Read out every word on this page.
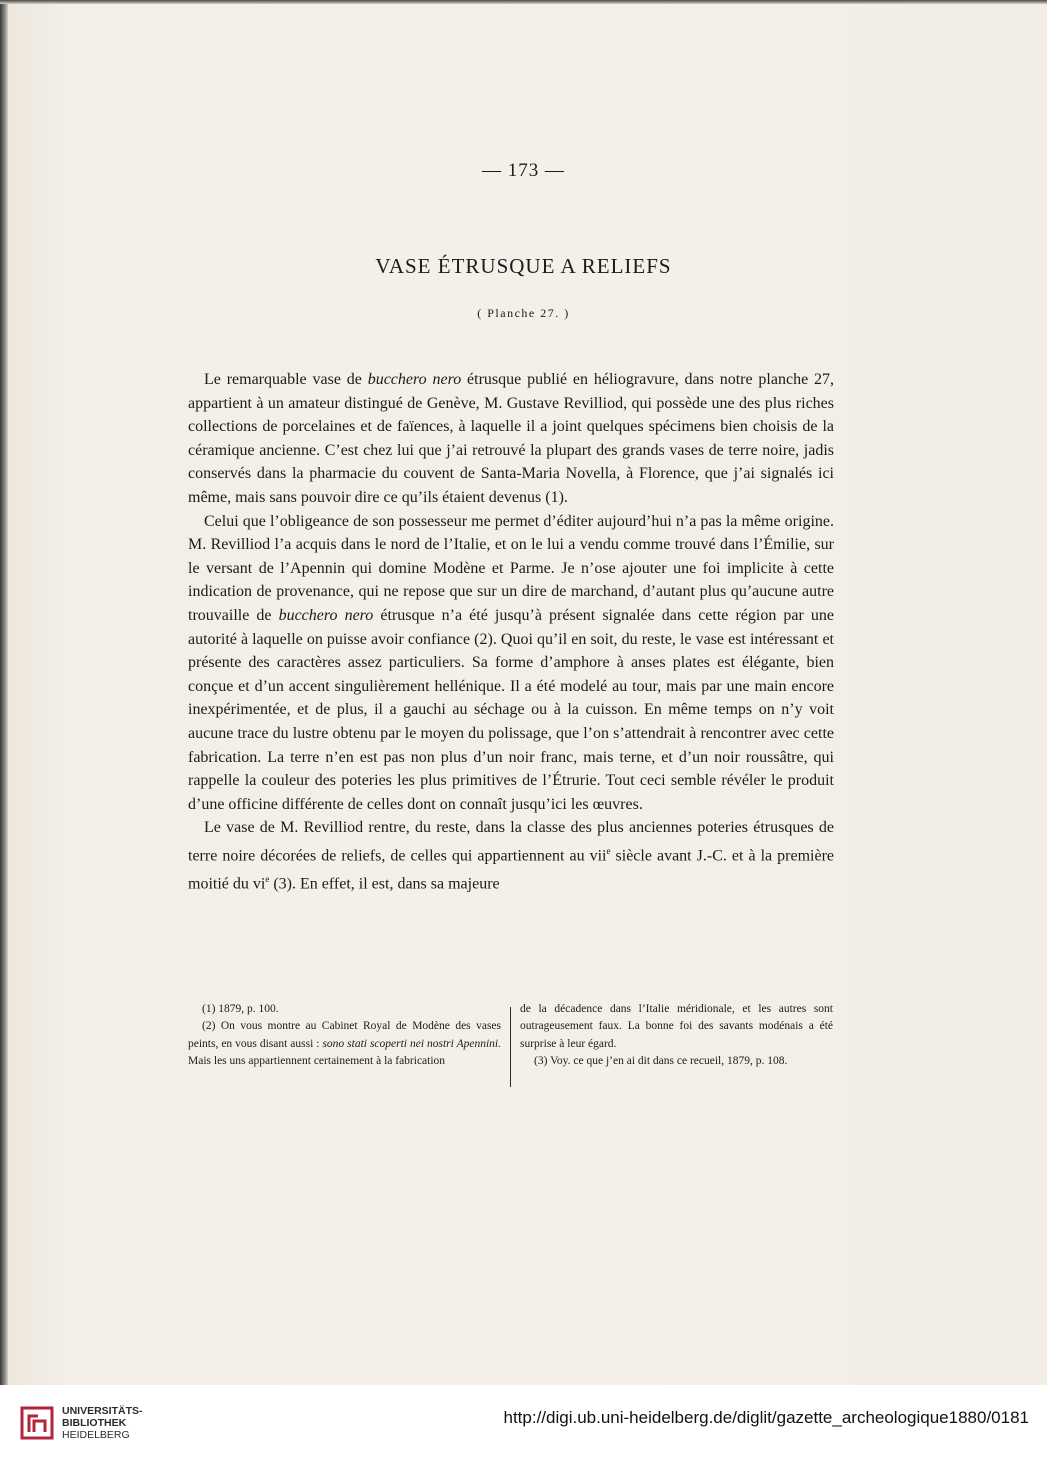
— 173 —
VASE ÉTRUSQUE A RELIEFS
( Planche 27. )

Le remarquable vase de bucchero nero étrusque publié en héliogravure, dans notre planche 27, appartient à un amateur distingué de Genève, M. Gustave Revilliod, qui possède une des plus riches collections de porcelaines et de faïences, à laquelle il a joint quelques spécimens bien choisis de la céramique ancienne. C’est chez lui que j’ai retrouvé la plupart des grands vases de terre noire, jadis conservés dans la pharmacie du couvent de Santa-Maria Novella, à Florence, que j’ai signalés ici même, mais sans pouvoir dire ce qu’ils étaient devenus (1).

Celui que l’obligeance de son possesseur me permet d’éditer aujourd’hui n’a pas la même origine. M. Revilliod l’a acquis dans le nord de l’Italie, et on le lui a vendu comme trouvé dans l’Émilie, sur le versant de l’Apennin qui domine Modène et Parme. Je n’ose ajouter une foi implicite à cette indication de provenance, qui ne repose que sur un dire de marchand, d’autant plus qu’aucune autre trouvaille de bucchero nero étrusque n’a été jusqu’à présent signalée dans cette région par une autorité à laquelle on puisse avoir confiance (2). Quoi qu’il en soit, du reste, le vase est intéressant et présente des caractères assez particuliers. Sa forme d’amphore à anses plates est élégante, bien conçue et d’un accent singulièrement hellénique. Il a été modelé au tour, mais par une main encore inexpérimentée, et de plus, il a gauchi au séchage ou à la cuisson. En même temps on n’y voit aucune trace du lustre obtenu par le moyen du polissage, que l’on s’attendrait à rencontrer avec cette fabrication. La terre n’en est pas non plus d’un noir franc, mais terne, et d’un noir roussâtre, qui rappelle la couleur des poteries les plus primitives de l’Étrurie. Tout ceci semble révéler le produit d’une officine différente de celles dont on connaît jusqu’ici les œuvres.

Le vase de M. Revilliod rentre, du reste, dans la classe des plus anciennes poteries étrusques de terre noire décorées de reliefs, de celles qui appartiennent au vii$^e$ siècle avant J.-C. et à la première moitié du $vi^e$ (3). En effet, il est, dans sa majeure

(1) 1879, p. 100.

(2) On vous montre au Cabinet Royal de Modène des vases peints, en vous disant aussi : sono stati scoperti nei nostri Apennini. Mais les uns appartiennent certainement à la fabrication

de la décadence dans l’Italie méridionale, et les autres sont outrageusement faux. La bonne foi des savants modénais a été surprise à leur égard.

(3) Voy. ce que j’en ai dit dans ce recueil, 1879, p. 108.

UNIVERSITÄTS-
BIBLIOTHEK
HEIDELBERG
http://digi.ub.uni-heidelberg.de/diglit/gazette_archeologique1880/0181
